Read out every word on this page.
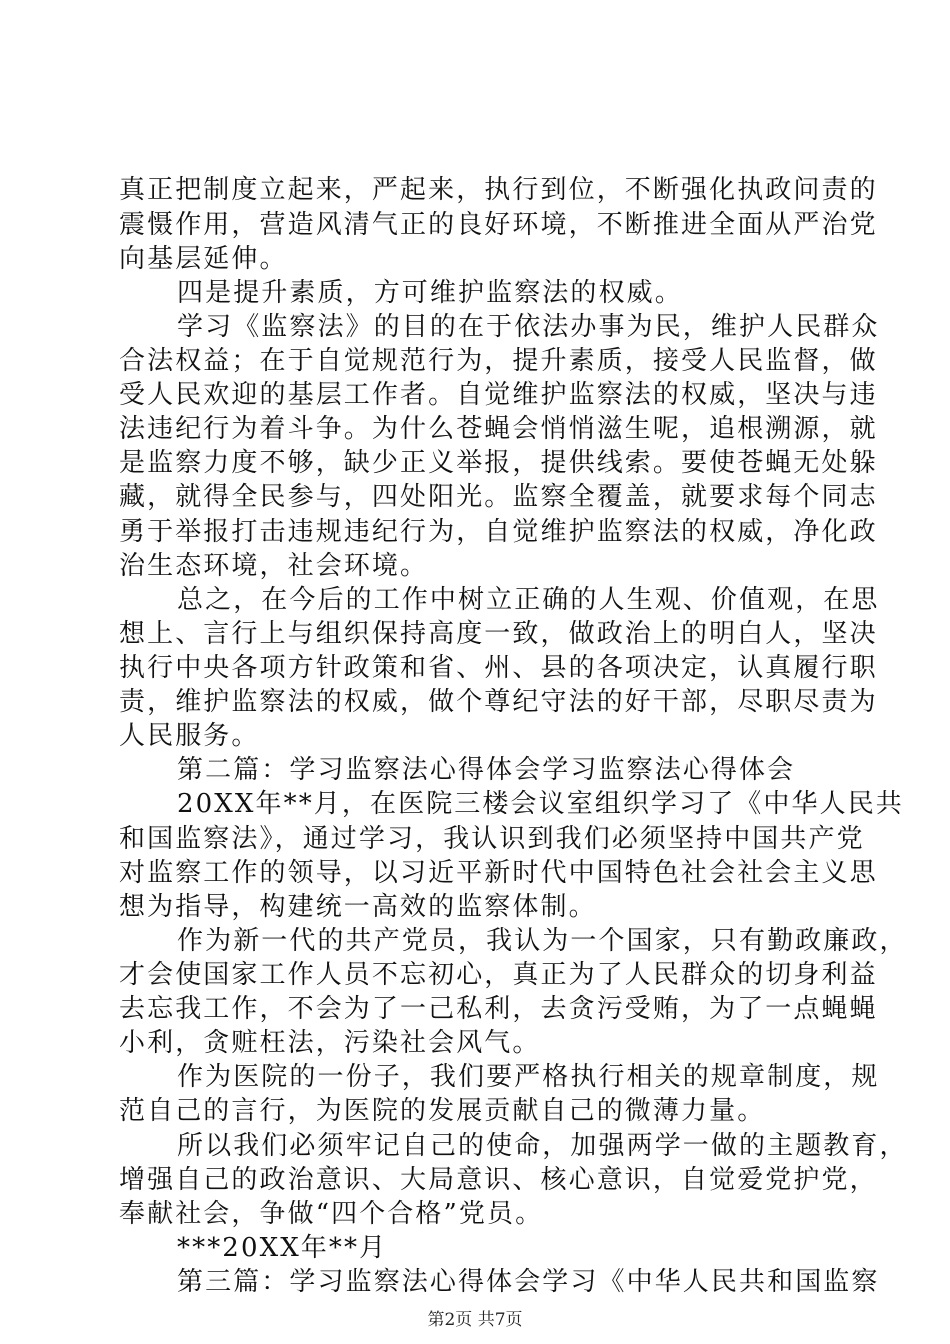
真正把制度立起来，严起来，执行到位，不断强化执政问责的
震慑作用，营造风清气正的良好环境，不断推进全面从严治党
向基层延伸。
四是提升素质，方可维护监察法的权威。
学习《监察法》的目的在于依法办事为民，维护人民群众
合法权益；在于自觉规范行为，提升素质，接受人民监督，做
受人民欢迎的基层工作者。自觉维护监察法的权威，坚决与违
法违纪行为着斗争。为什么苍蝇会悄悄滋生呢，追根溯源，就
是监察力度不够，缺少正义举报，提供线索。要使苍蝇无处躲
藏，就得全民参与，四处阳光。监察全覆盖，就要求每个同志
勇于举报打击违规违纪行为，自觉维护监察法的权威，净化政
治生态环境，社会环境。
总之，在今后的工作中树立正确的人生观、价值观，在思
想上、言行上与组织保持高度一致，做政治上的明白人，坚决
执行中央各项方针政策和省、州、县的各项决定，认真履行职
责，维护监察法的权威，做个尊纪守法的好干部，尽职尽责为
人民服务。
第二篇：学习监察法心得体会学习监察法心得体会
20XX年**月，在医院三楼会议室组织学习了《中华人民共
和国监察法》，通过学习，我认识到我们必须坚持中国共产党
对监察工作的领导，以习近平新时代中国特色社会社会主义思
想为指导，构建统一高效的监察体制。
作为新一代的共产党员，我认为一个国家，只有勤政廉政，
才会使国家工作人员不忘初心，真正为了人民群众的切身利益
去忘我工作，不会为了一己私利，去贪污受贿，为了一点蝇蝇
小利，贪赃枉法，污染社会风气。
作为医院的一份子，我们要严格执行相关的规章制度，规
范自己的言行，为医院的发展贡献自己的微薄力量。
所以我们必须牢记自己的使命，加强两学一做的主题教育，
增强自己的政治意识、大局意识、核心意识，自觉爱党护党，
奉献社会，争做“四个合格”党员。
***20XX年**月
第三篇：学习监察法心得体会学习《中华人民共和国监察
第2页 共7页
